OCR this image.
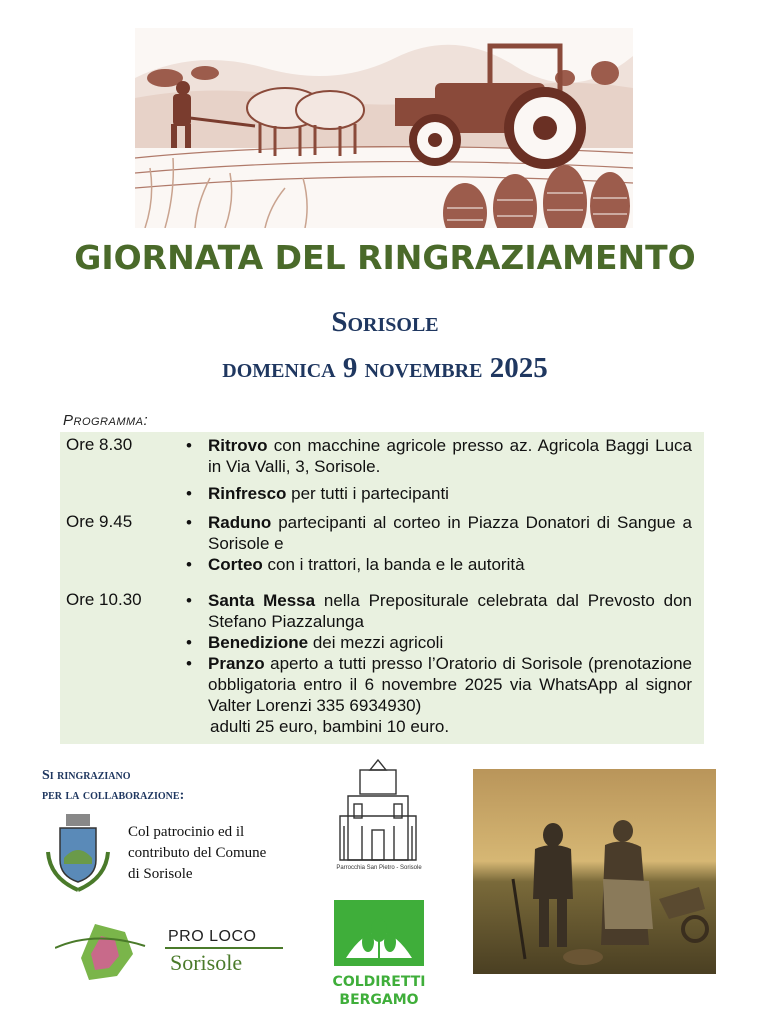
GIORNATA DEL RINGRAZIAMENTO
Sorisole
domenica 9 novembre 2025
Programma:
Ore 8.30	• Ritrovo con macchine agricole presso az. Agricola Baggi Luca in Via Valli, 3, Sorisole.
• Rinfresco per tutti i partecipanti
Ore 9.45	• Raduno partecipanti al corteo in Piazza Donatori di Sangue a Sorisole e
• Corteo con i trattori, la banda e le autorità
Ore 10.30	• Santa Messa nella Prepositurale celebrata dal Prevosto don Stefano Piazzalunga
• Benedizione dei mezzi agricoli
• Pranzo aperto a tutti presso l’Oratorio di Sorisole (prenotazione obbligatoria entro il 6 novembre 2025 via WhatsApp al signor Valter Lorenzi 335 6934930)
adulti 25 euro, bambini 10 euro.
Si ringraziano
per la collaborazione:
Col patrocinio ed il
contributo del Comune
di Sorisole
PRO LOCO
Sorisole
Parrocchia San Pietro - Sorisole
COLDIRETTI
BERGAMO
